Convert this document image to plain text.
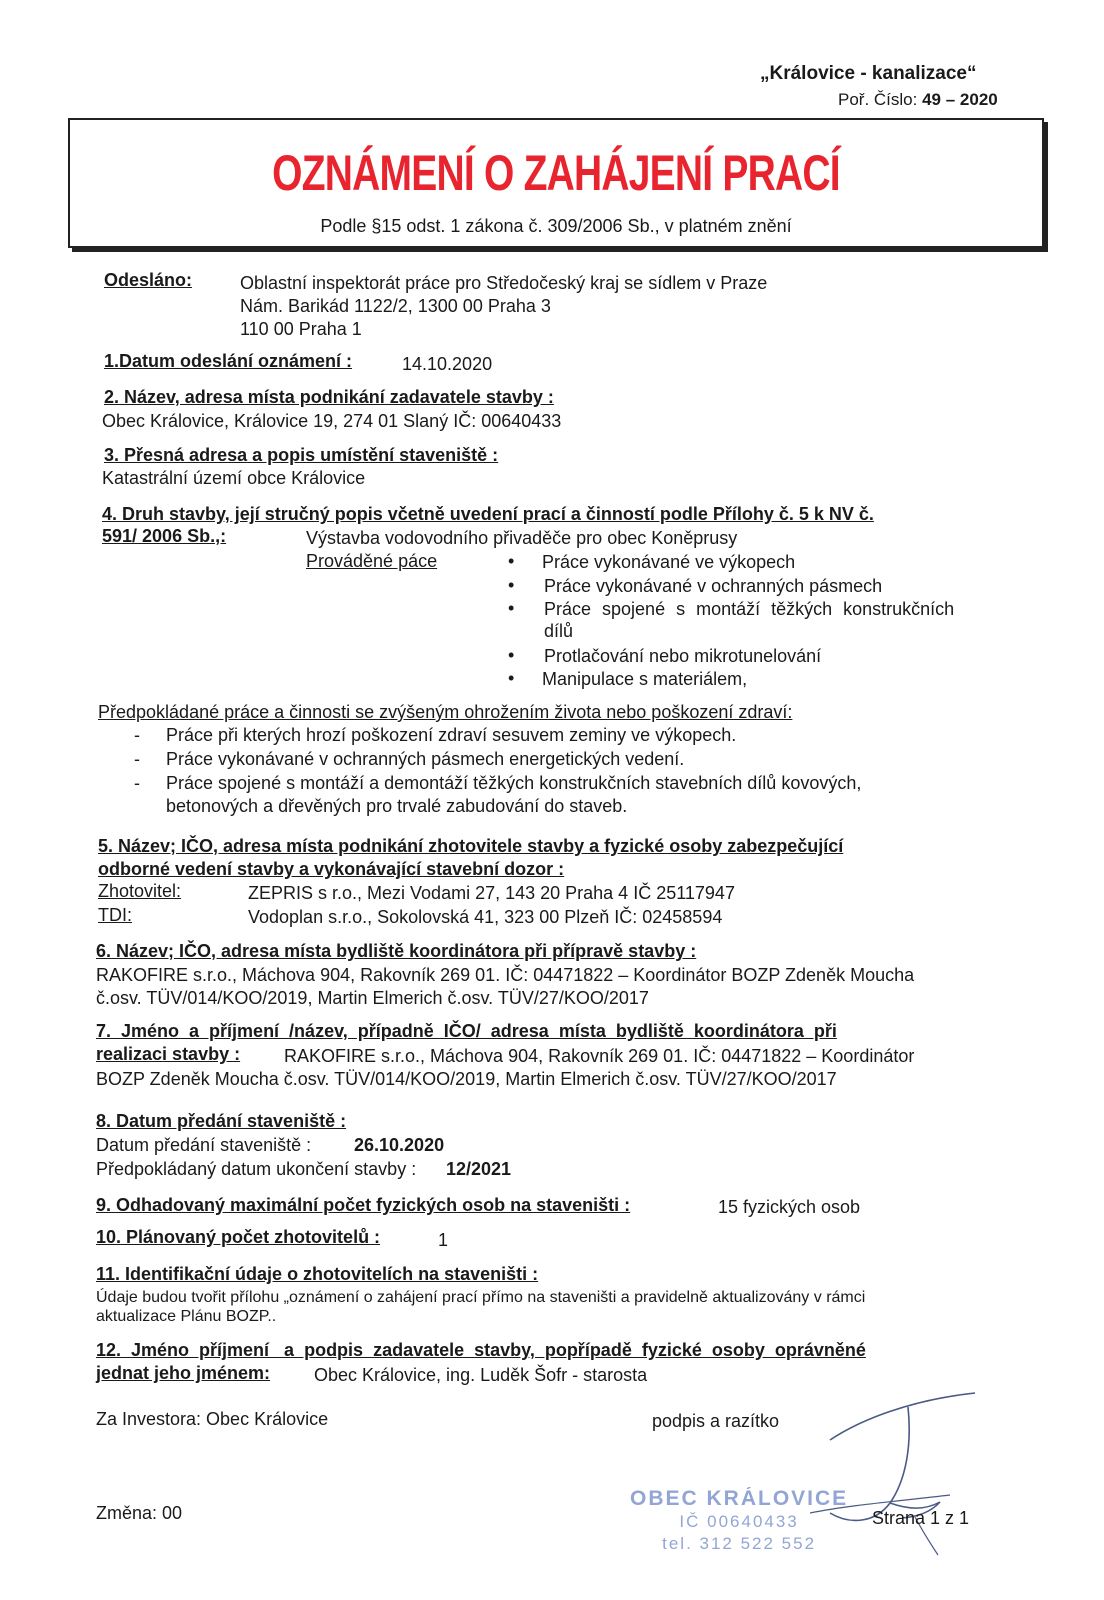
„Královice - kanalizace“
Poř. Číslo: 49 – 2020
OZNÁMENÍ O ZAHÁJENÍ PRACÍ
Podle §15 odst. 1 zákona č. 309/2006 Sb., v platném znění
Odesláno:	Oblastní inspektorát práce pro Středočeský kraj se sídlem v Praze
Nám. Barikád 1122/2, 1300 00 Praha 3
110 00 Praha 1
1.Datum odeslání oznámení :	14.10.2020
2. Název, adresa místa podnikání zadavatele stavby :
Obec Královice, Královice 19, 274 01 Slaný IČ: 00640433
3. Přesná adresa a popis umístění staveniště :
Katastrální území obce Královice
4. Druh stavby, její stručný popis včetně uvedení prací a činností podle Přílohy č. 5 k NV č.
591/ 2006 Sb.,:	Výstavba vodovodního přivaděče pro obec Koněprusy
Prováděné páce	• Práce vykonávané ve výkopech
• Práce vykonávané v ochranných pásmech
• Práce spojené s montáží těžkých konstrukčních
dílů
• Protlačování nebo mikrotunelování
• Manipulace s materiálem,
Předpokládané práce a činnosti se zvýšeným ohrožením života nebo poškození zdraví:
- Práce při kterých hrozí poškození zdraví sesuvem zeminy ve výkopech.
- Práce vykonávané v ochranných pásmech energetických vedení.
- Práce spojené s montáží a demontáží těžkých konstrukčních stavebních dílů kovových,
betonových a dřevěných pro trvalé zabudování do staveb.
5. Název; IČO, adresa místa podnikání zhotovitele stavby a fyzické osoby zabezpečující
odborné vedení stavby a vykonávající stavební dozor :
Zhotovitel:	ZEPRIS s r.o., Mezi Vodami 27, 143 20 Praha 4 IČ 25117947
TDI:	Vodoplan s.r.o., Sokolovská 41, 323 00 Plzeň IČ: 02458594
6. Název; IČO, adresa místa bydliště koordinátora při přípravě stavby :
RAKOFIRE s.r.o., Máchova 904, Rakovník 269 01. IČ: 04471822 – Koordinátor BOZP Zdeněk Moucha
č.osv. TÜV/014/KOO/2019, Martin Elmerich č.osv. TÜV/27/KOO/2017
7.  Jméno  a  příjmení  /název,  případně  IČO/  adresa  místa  bydliště  koordinátora  při
realizaci stavby : RAKOFIRE s.r.o., Máchova 904, Rakovník 269 01. IČ: 04471822 – Koordinátor
BOZP Zdeněk Moucha č.osv. TÜV/014/KOO/2019, Martin Elmerich č.osv. TÜV/27/KOO/2017
8. Datum předání staveniště :
Datum předání staveniště : 26.10.2020
Předpokládaný datum ukončení stavby : 12/2021
9. Odhadovaný maximální počet fyzických osob na staveništi :	15 fyzických osob
10. Plánovaný počet zhotovitelů :	1
11. Identifikační údaje o zhotovitelích na staveništi :
Údaje budou tvořit přílohu „oznámení o zahájení prací přímo na staveništi a pravidelně aktualizovány v rámci
aktualizace Plánu BOZP..
12.  Jméno  příjmení   a  podpis  zadavatele  stavby,  popřípadě  fyzické  osoby  oprávněné
jednat jeho jménem: Obec Královice, ing. Luděk Šofr - starosta
Za Investora: Obec Královice	podpis a razítko
OBEC KRÁLOVICE
IČ 00640433
tel. 312 522 552
Změna: 00	Strana 1 z 1
